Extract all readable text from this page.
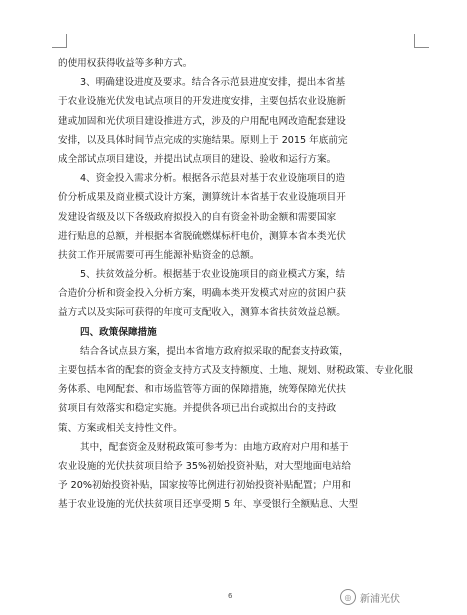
的使用权获得收益等多种方式。
3、明确建设进度及要求。结合各示范县进度安排，提出本省基
于农业设施光伏发电试点项目的开发进度安排，主要包括农业设施新
建或加固和光伏项目建设推进方式，涉及的户用配电网改造配套建设
安排，以及具体时间节点完成的实施结果。原则上于 2015 年底前完
成全部试点项目建设，并提出试点项目的建设、验收和运行方案。
4、资金投入需求分析。根据各示范县对基于农业设施项目的造
价分析成果及商业模式设计方案，测算统计本省基于农业设施项目开
发建设省级及以下各级政府拟投入的自有资金补助金额和需要国家
进行贴息的总额，并根据本省脱硫燃煤标杆电价，测算本省本类光伏
扶贫工作开展需要可再生能源补贴资金的总额。
5、扶贫效益分析。根据基于农业设施项目的商业模式方案，结
合造价分析和资金投入分析方案，明确本类开发模式对应的贫困户获
益方式以及实际可获得的年度可支配收入，测算本省扶贫效益总额。
四、政策保障措施
结合各试点县方案，提出本省地方政府拟采取的配套支持政策，
主要包括本省的配套的资金支持方式及支持额度、土地、规划、财税政策、专业化服
务体系、电网配套、和市场监管等方面的保障措施，统筹保障光伏扶
贫项目有效落实和稳定实施。并提供各项已出台或拟出台的支持政
策、方案或相关支持性文件。
其中，配套资金及财税政策可参考为：由地方政府对户用和基于
农业设施的光伏扶贫项目给予 35%初始投资补贴，对大型地面电站给
予 20%初始投资补贴，国家按等比例进行初始投资补贴配置；户用和
基于农业设施的光伏扶贫项目还享受期 5 年、享受银行全额贴息、大型
6	◎ 新浦光伏
